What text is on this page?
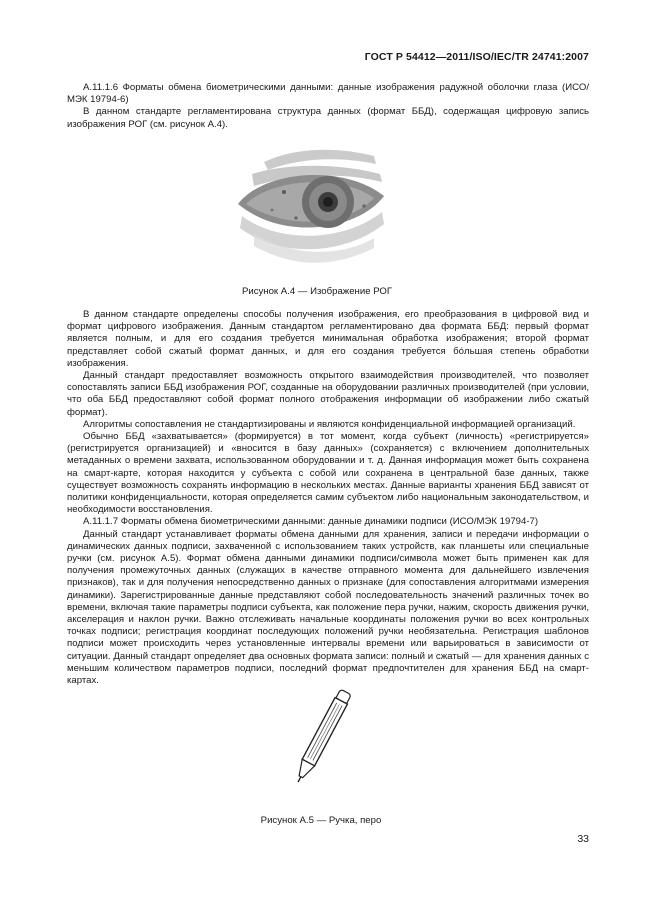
ГОСТ Р 54412—2011/ISO/IEC/TR 24741:2007

А.11.1.6 Форматы обмена биометрическими данными: данные изображения радужной оболочки глаза (ИСО/МЭК 19794-6)

В данном стандарте регламентирована структура данных (формат ББД), содержащая цифровую запись изображения РОГ (см. рисунок А.4).

Рисунок А.4 — Изображение РОГ

В данном стандарте определены способы получения изображения, его преобразования в цифровой вид и формат цифрового изображения. Данным стандартом регламентировано два формата ББД: первый формат является полным, и для его создания требуется минимальная обработка изображения; второй формат представляет собой сжатый формат данных, и для его создания требуется бóльшая степень обработки изображения.

Данный стандарт предоставляет возможность открытого взаимодействия производителей, что позволяет сопоставлять записи ББД изображения РОГ, созданные на оборудовании различных производителей (при условии, что оба ББД предоставляют собой формат полного отображения информации об изображении либо сжатый формат).

Алгоритмы сопоставления не стандартизированы и являются конфиденциальной информацией организаций.

Обычно ББД «захватывается» (формируется) в тот момент, когда субъект (личность) «регистрируется» (регистрируется организацией) и «вносится в базу данных» (сохраняется) с включением дополнительных метаданных о времени захвата, использованном оборудовании и т. д. Данная информация может быть сохранена на смарт-карте, которая находится у субъекта с собой или сохранена в центральной базе данных, также существует возможность сохранять информацию в нескольких местах. Данные варианты хранения ББД зависят от политики конфиденциальности, которая определяется самим субъектом либо национальным законодательством, и необходимости восстановления.

А.11.1.7 Форматы обмена биометрическими данными: данные динамики подписи (ИСО/МЭК 19794-7)

Данный стандарт устанавливает форматы обмена данными для хранения, записи и передачи информации о динамических данных подписи, захваченной с использованием таких устройств, как планшеты или специальные ручки (см. рисунок А.5). Формат обмена данными динамики подписи/символа может быть применен как для получения промежуточных данных (служащих в качестве отправного момента для дальнейшего извлечения признаков), так и для получения непосредственно данных о признаке (для сопоставления алгоритмами измерения динамики). Зарегистрированные данные представляют собой последовательность значений различных точек во времени, включая такие параметры подписи субъекта, как положение пера ручки, нажим, скорость движения ручки, акселерация и наклон ручки. Важно отслеживать начальные координаты положения ручки во всех контрольных точках подписи; регистрация координат последующих положений ручки необязательна. Регистрация шаблонов подписи может происходить через установленные интервалы времени или варьироваться в зависимости от ситуации. Данный стандарт определяет два основных формата записи: полный и сжатый — для хранения данных с меньшим количеством параметров подписи, последний формат предпочтителен для хранения ББД на смарт-картах.

Рисунок А.5 — Ручка, перо
33
